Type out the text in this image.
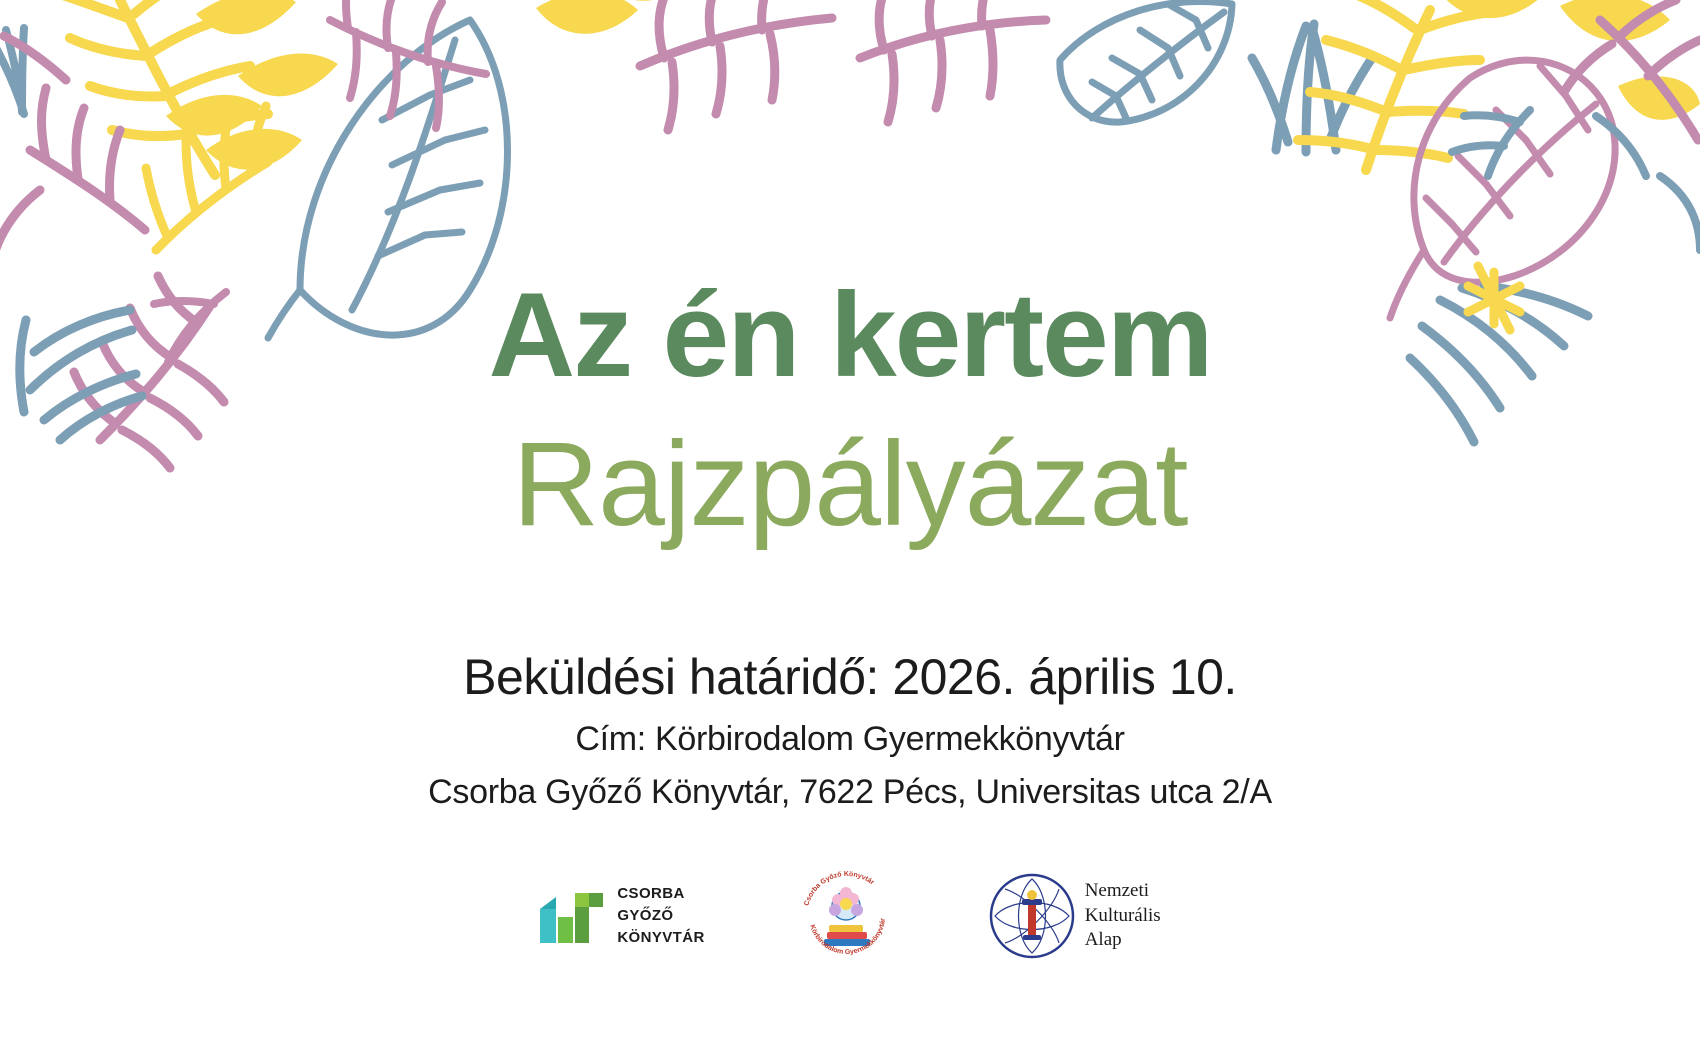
Az én kertem
Rajzpályázat

Beküldési határidő: 2026. április 10.

Cím: Körbirodalom Gyermekkönyvtár

Csorba Győző Könyvtár, 7622 Pécs, Universitas utca 2/A

CSORBA
GYŐZŐ
KÖNYVTÁR
Csorba Győző Könyvtár
Körbirodalom Gyermekkönyvtár
Nemzeti
Kulturális
Alap
